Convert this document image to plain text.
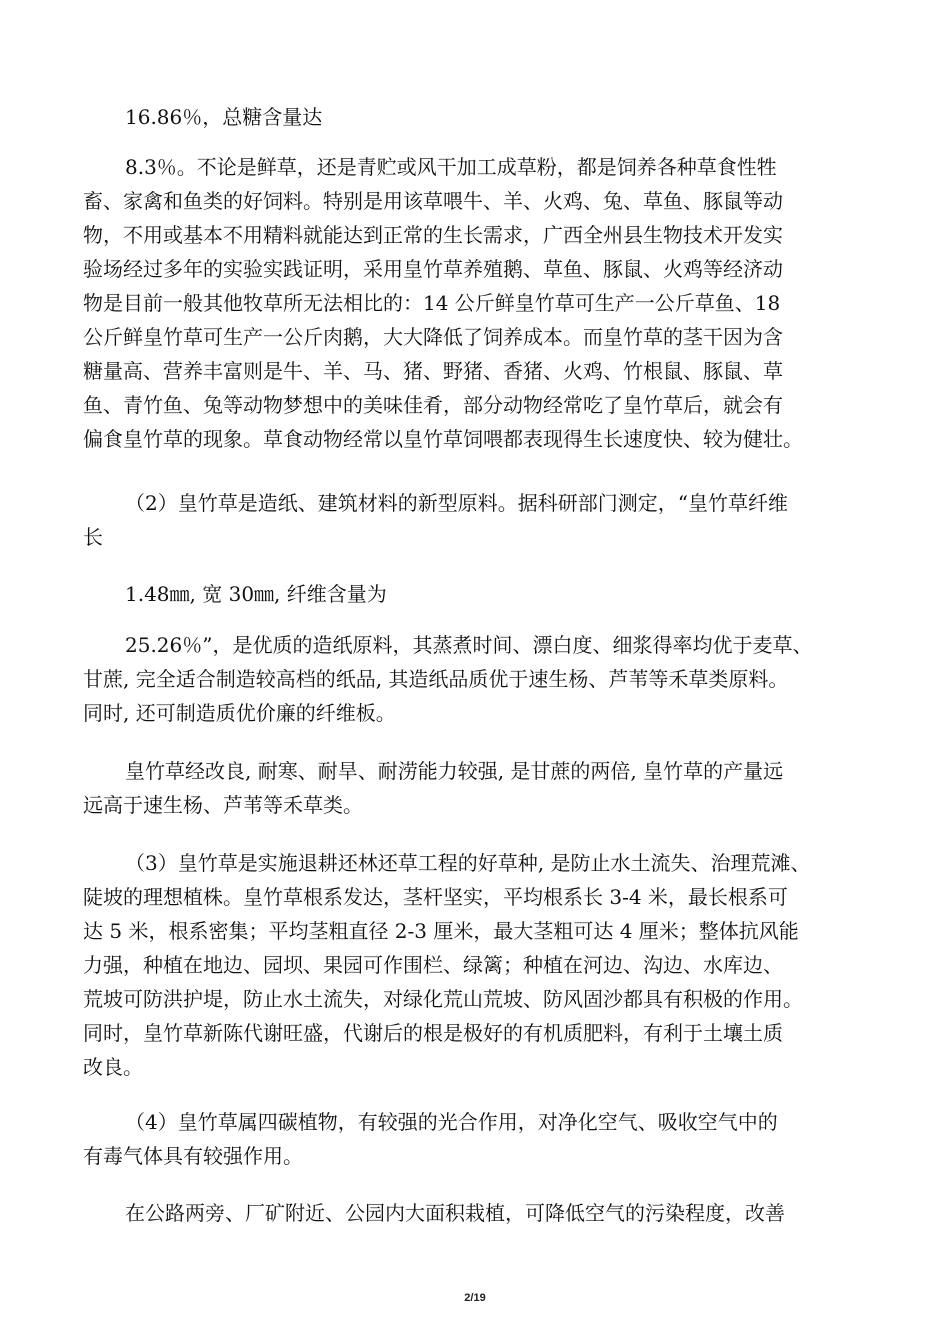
16.86％，总糖含量达

8.3％。不论是鲜草，还是青贮或风干加工成草粉，都是饲养各种草食性牲
畜、家禽和鱼类的好饲料。特别是用该草喂牛、羊、火鸡、兔、草鱼、豚鼠等动
物，不用或基本不用精料就能达到正常的生长需求，广西全州县生物技术开发实
验场经过多年的实验实践证明，采用皇竹草养殖鹅、草鱼、豚鼠、火鸡等经济动
物是目前一般其他牧草所无法相比的：14 公斤鲜皇竹草可生产一公斤草鱼、18
公斤鲜皇竹草可生产一公斤肉鹅，大大降低了饲养成本。而皇竹草的茎干因为含
糖量高、营养丰富则是牛、羊、马、猪、野猪、香猪、火鸡、竹根鼠、豚鼠、草
鱼、青竹鱼、兔等动物梦想中的美味佳肴，部分动物经常吃了皇竹草后，就会有
偏食皇竹草的现象。草食动物经常以皇竹草饲喂都表现得生长速度快、较为健壮。

（2）皇竹草是造纸、建筑材料的新型原料。据科研部门测定，“皇竹草纤维
长

1.48㎜, 宽 30㎜, 纤维含量为

25.26％”，是优质的造纸原料，其蒸煮时间、漂白度、细浆得率均优于麦草、
甘蔗, 完全适合制造较高档的纸品, 其造纸品质优于速生杨、芦苇等禾草类原料。
同时, 还可制造质优价廉的纤维板。

皇竹草经改良, 耐寒、耐旱、耐涝能力较强, 是甘蔗的两倍, 皇竹草的产量远
远高于速生杨、芦苇等禾草类。

（3）皇竹草是实施退耕还林还草工程的好草种, 是防止水土流失、治理荒滩、
陡坡的理想植株。皇竹草根系发达，茎杆坚实，平均根系长 3-4 米，最长根系可
达 5 米，根系密集；平均茎粗直径 2-3 厘米，最大茎粗可达 4 厘米；整体抗风能
力强，种植在地边、园坝、果园可作围栏、绿篱；种植在河边、沟边、水库边、
荒坡可防洪护堤，防止水土流失，对绿化荒山荒坡、防风固沙都具有积极的作用。
同时，皇竹草新陈代谢旺盛，代谢后的根是极好的有机质肥料，有利于土壤土质
改良。

（4）皇竹草属四碳植物，有较强的光合作用，对净化空气、吸收空气中的
有毒气体具有较强作用。

在公路两旁、厂矿附近、公园内大面积栽植，可降低空气的污染程度，改善

2/19
